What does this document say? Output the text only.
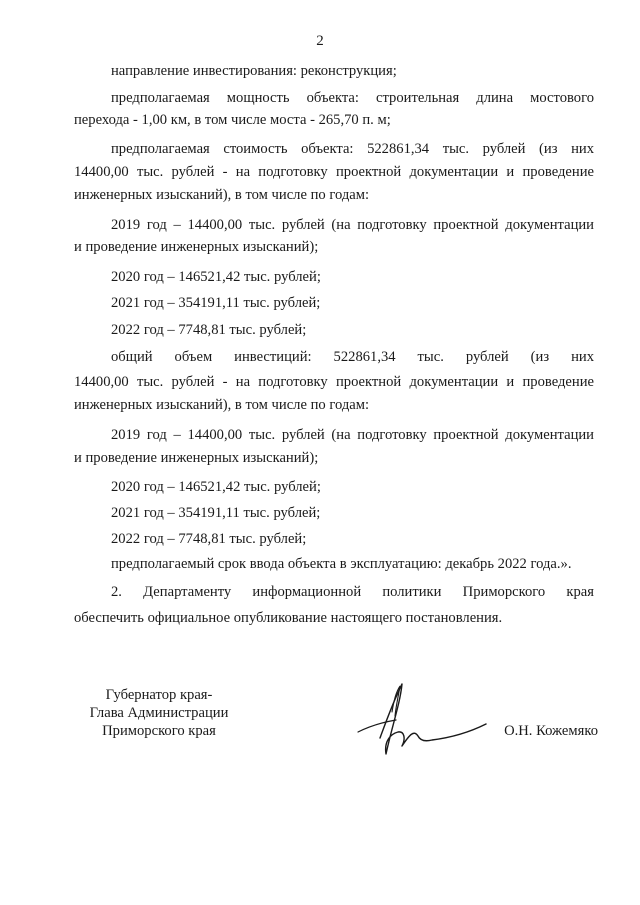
2
направление инвестирования: реконструкция;
предполагаемая мощность объекта: строительная длина мостового
перехода - 1,00 км, в том числе моста - 265,70 п. м;
предполагаемая стоимость объекта: 522861,34 тыс. рублей (из них
14400,00 тыс. рублей - на подготовку проектной документации и проведение
инженерных изысканий), в том числе по годам:
2019 год – 14400,00 тыс. рублей (на подготовку проектной документации
и проведение инженерных изысканий);
2020 год – 146521,42 тыс. рублей;
2021 год – 354191,11 тыс. рублей;
2022 год – 7748,81 тыс. рублей;
общий объем инвестиций: 522861,34 тыс. рублей (из них
14400,00 тыс. рублей - на подготовку проектной документации и проведение
инженерных изысканий), в том числе по годам:
2019 год – 14400,00 тыс. рублей (на подготовку проектной документации
и проведение инженерных изысканий);
2020 год – 146521,42 тыс. рублей;
2021 год – 354191,11 тыс. рублей;
2022 год – 7748,81 тыс. рублей;
предполагаемый срок ввода объекта в эксплуатацию: декабрь 2022 года.».
2. Департаменту информационной политики Приморского края
обеспечить официальное опубликование настоящего постановления.
Губернатор края-
Глава Администрации
Приморского края	О.Н. Кожемяко
